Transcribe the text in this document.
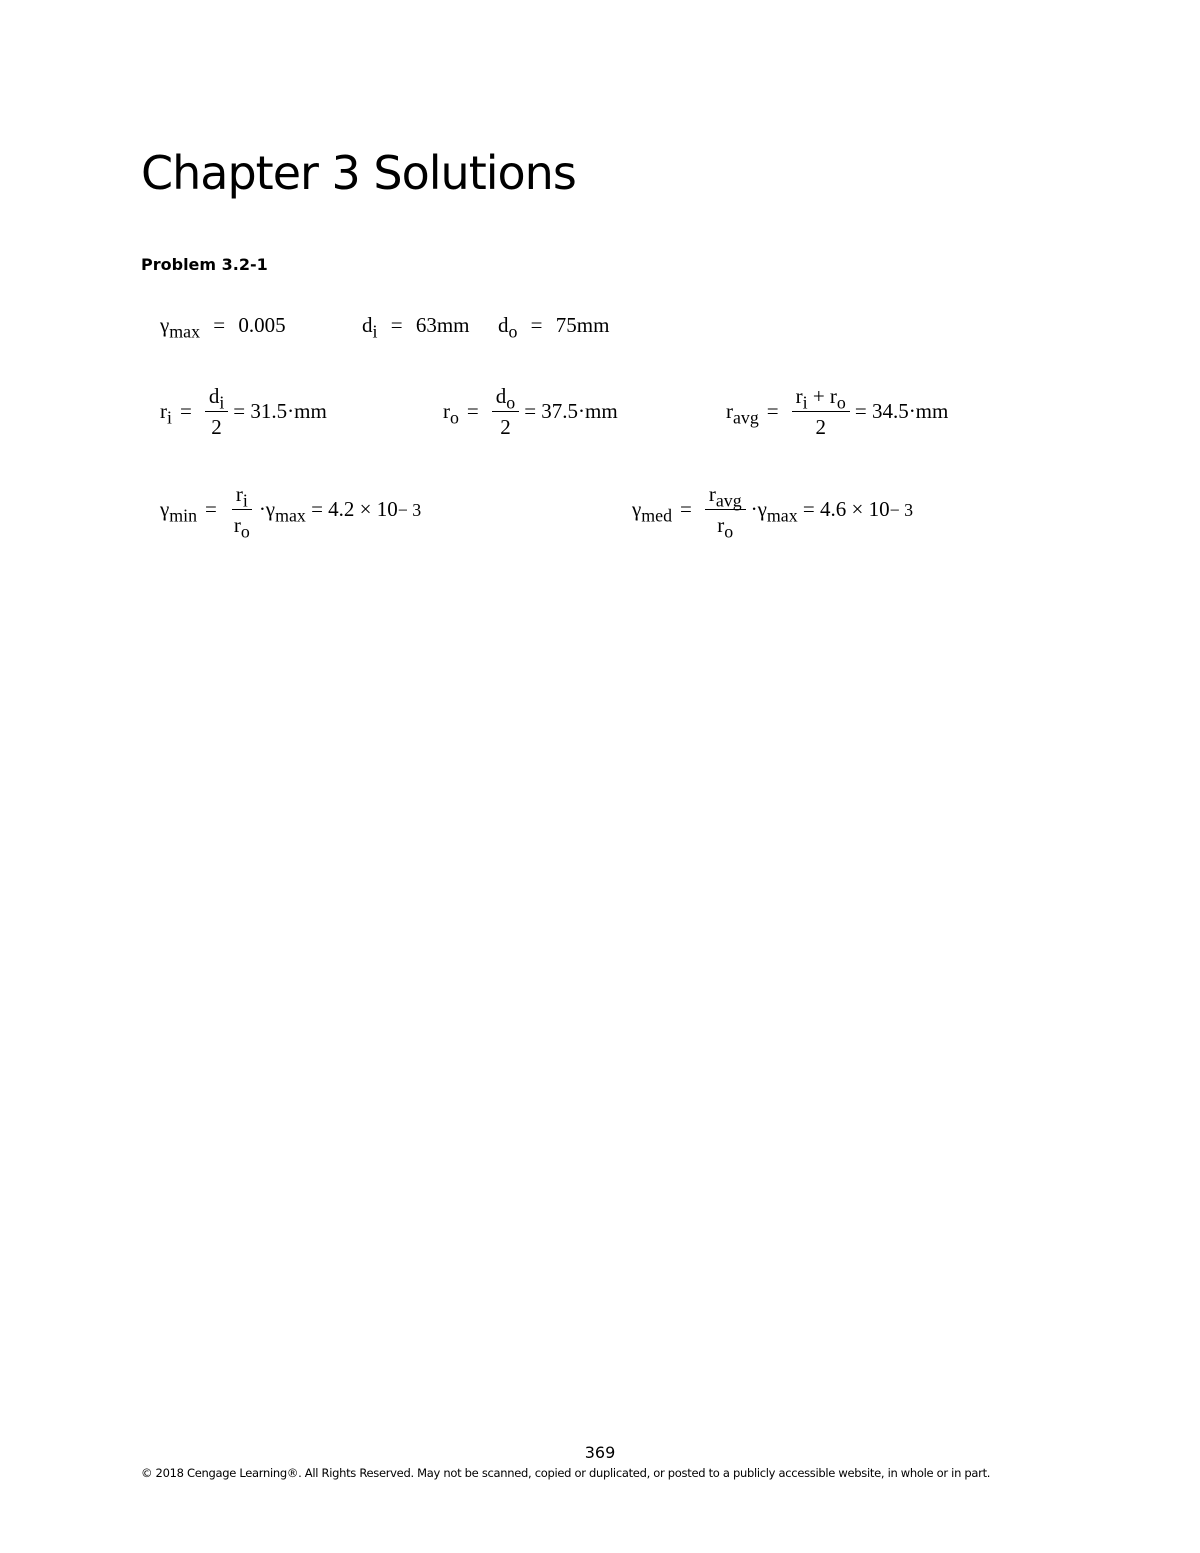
Chapter 3 Solutions
Problem 3.2-1
$\gamma_{max} = 0.005$	$d_i = 63mm$ $d_o = 75mm$
$r_i = \frac{d_i}{2}$ =
31.5·mm	$r_o = \frac{d_o}{2}$ =
37.5·mm	$r_{avg} = \frac{r_i + r_o}{2}$ =
34.5·mm
$\gamma_{min} = \frac{r_i}{r_o} \cdot\gamma_{max}$
=
4.2 × 10 − 3	$\gamma_{med} = \frac{r_{avg}}{r_o} \cdot\gamma_{max}$
=
4.6 × 10 − 3
369
© 2018 Cengage Learning®. All Rights Reserved. May not be scanned, copied or duplicated, or posted to a publicly accessible website, in whole or in part.
